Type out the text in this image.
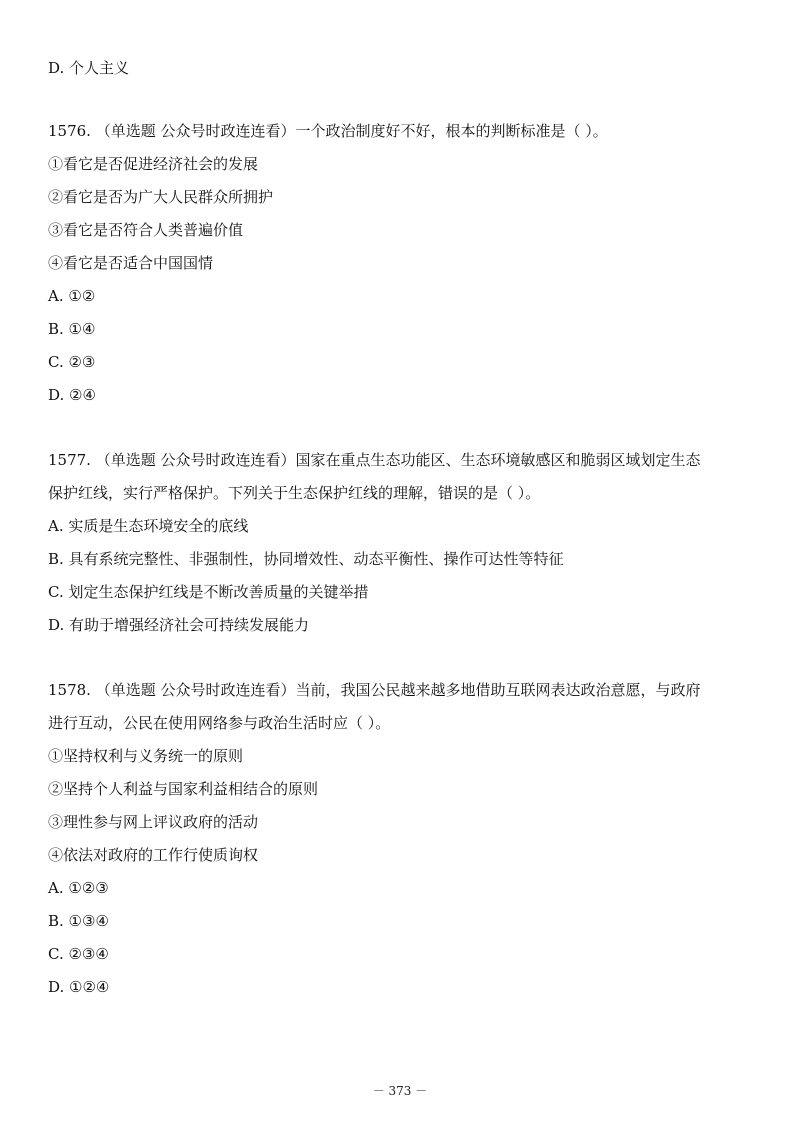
D. 个人主义
1576. （单选题 公众号时政连连看）一个政治制度好不好，根本的判断标准是（ ）。
①看它是否促进经济社会的发展
②看它是否为广大人民群众所拥护
③看它是否符合人类普遍价值
④看它是否适合中国国情
A. ①②
B. ①④
C. ②③
D. ②④
1577. （单选题 公众号时政连连看）国家在重点生态功能区、生态环境敏感区和脆弱区域划定生态
保护红线，实行严格保护。下列关于生态保护红线的理解，错误的是（ ）。
A. 实质是生态环境安全的底线
B. 具有系统完整性、非强制性，协同增效性、动态平衡性、操作可达性等特征
C. 划定生态保护红线是不断改善质量的关键举措
D. 有助于增强经济社会可持续发展能力
1578. （单选题 公众号时政连连看）当前，我国公民越来越多地借助互联网表达政治意愿，与政府
进行互动，公民在使用网络参与政治生活时应（ ）。
①坚持权利与义务统一的原则
②坚持个人利益与国家利益相结合的原则
③理性参与网上评议政府的活动
④依法对政府的工作行使质询权
A. ①②③
B. ①③④
C. ②③④
D. ①②④
－ 373 －
